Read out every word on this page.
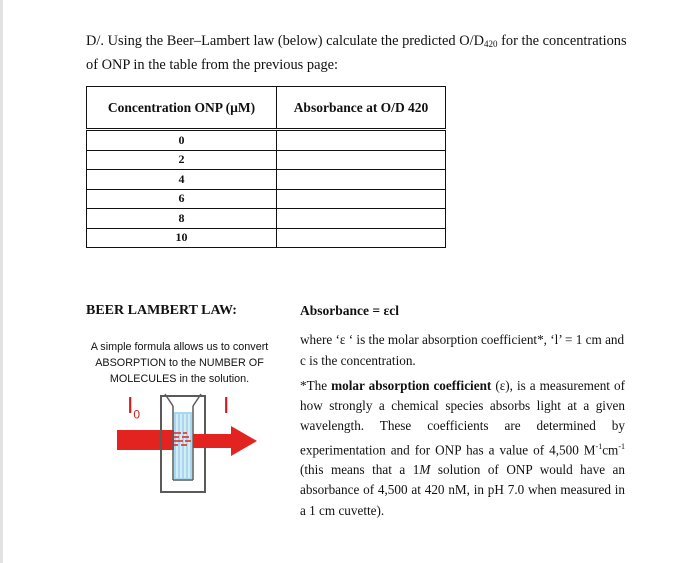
D/. Using the Beer–Lambert law (below) calculate the predicted $O/D_{420}$ for the concentrations of ONP in the table from the previous page:
Concentration ONP (µM)	Absorbance at O/D 420
0	
2	
4	
6	
8	
10	
BEER LAMBERT LAW:	Absorbance = εcl
A simple formula allows us to convert ABSORPTION to the NUMBER OF MOLECULES in the solution.
where ‘ε ‘ is the molar absorption coefficient*, ‘l’ = 1 cm and c is the concentration.
*The molar absorption coefficient (ε), is a measurement of how strongly a chemical species absorbs light at a given wavelength. These coefficients are determined by experimentation and for ONP has a value of 4,500 $M^{-1}cm^{-1}$ (this means that a 1M solution of ONP would have an absorbance of 4,500 at 420 nM, in pH 7.0 when measured in a 1 cm cuvette).
$I_0$	I
